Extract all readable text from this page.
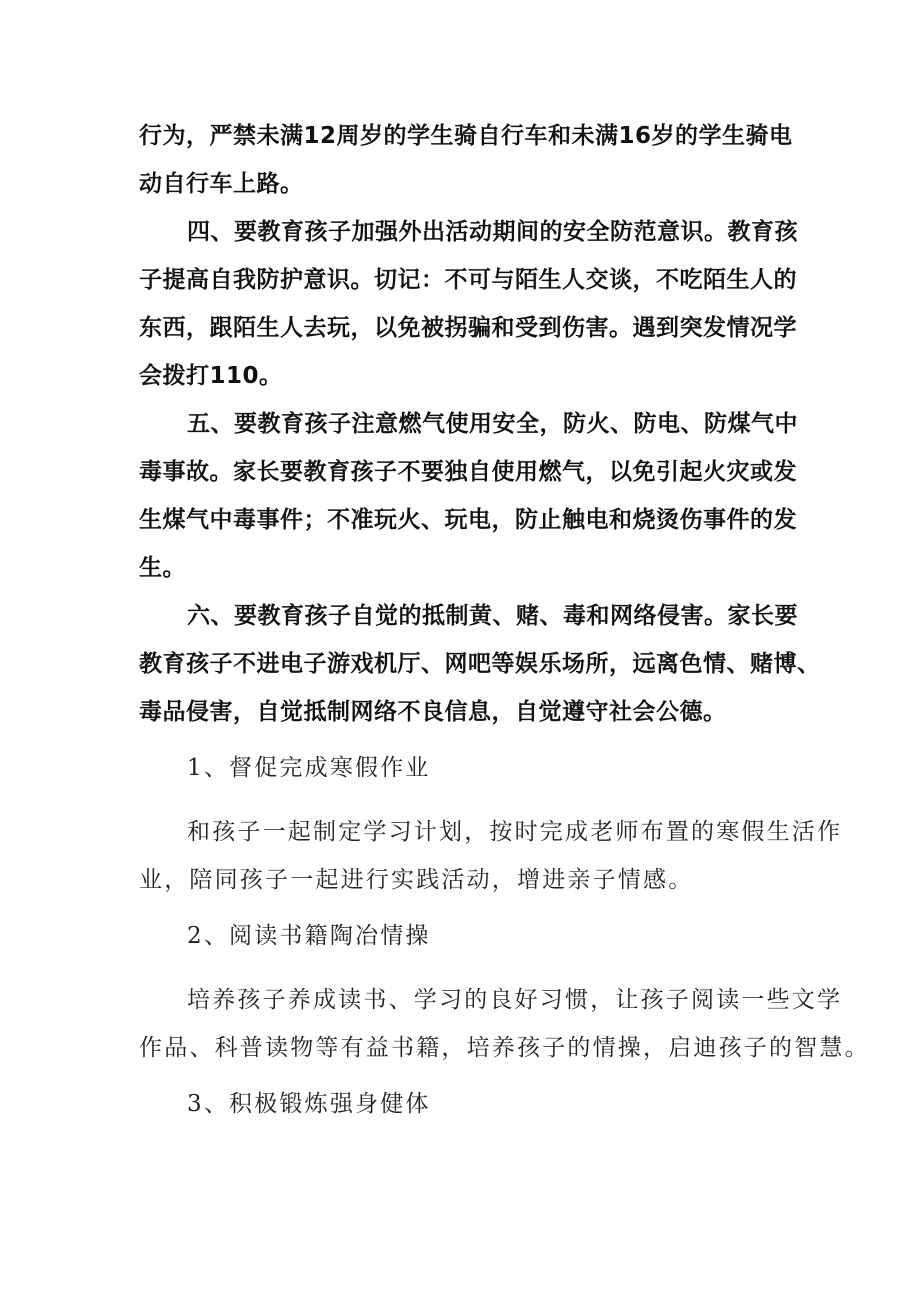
行为，严禁未满12周岁的学生骑自行车和未满16岁的学生骑电
动自行车上路。
四、要教育孩子加强外出活动期间的安全防范意识。教育孩
子提高自我防护意识。切记：不可与陌生人交谈，不吃陌生人的
东西，跟陌生人去玩，以免被拐骗和受到伤害。遇到突发情况学
会拨打110。
五、要教育孩子注意燃气使用安全，防火、防电、防煤气中
毒事故。家长要教育孩子不要独自使用燃气，以免引起火灾或发
生煤气中毒事件；不准玩火、玩电，防止触电和烧烫伤事件的发
生。
六、要教育孩子自觉的抵制黄、赌、毒和网络侵害。家长要
教育孩子不进电子游戏机厅、网吧等娱乐场所，远离色情、赌博、
毒品侵害，自觉抵制网络不良信息，自觉遵守社会公德。
1、督促完成寒假作业
和孩子一起制定学习计划，按时完成老师布置的寒假生活作
业，陪同孩子一起进行实践活动，增进亲子情感。
2、阅读书籍陶冶情操
培养孩子养成读书、学习的良好习惯，让孩子阅读一些文学
作品、科普读物等有益书籍，培养孩子的情操，启迪孩子的智慧。
3、积极锻炼强身健体
